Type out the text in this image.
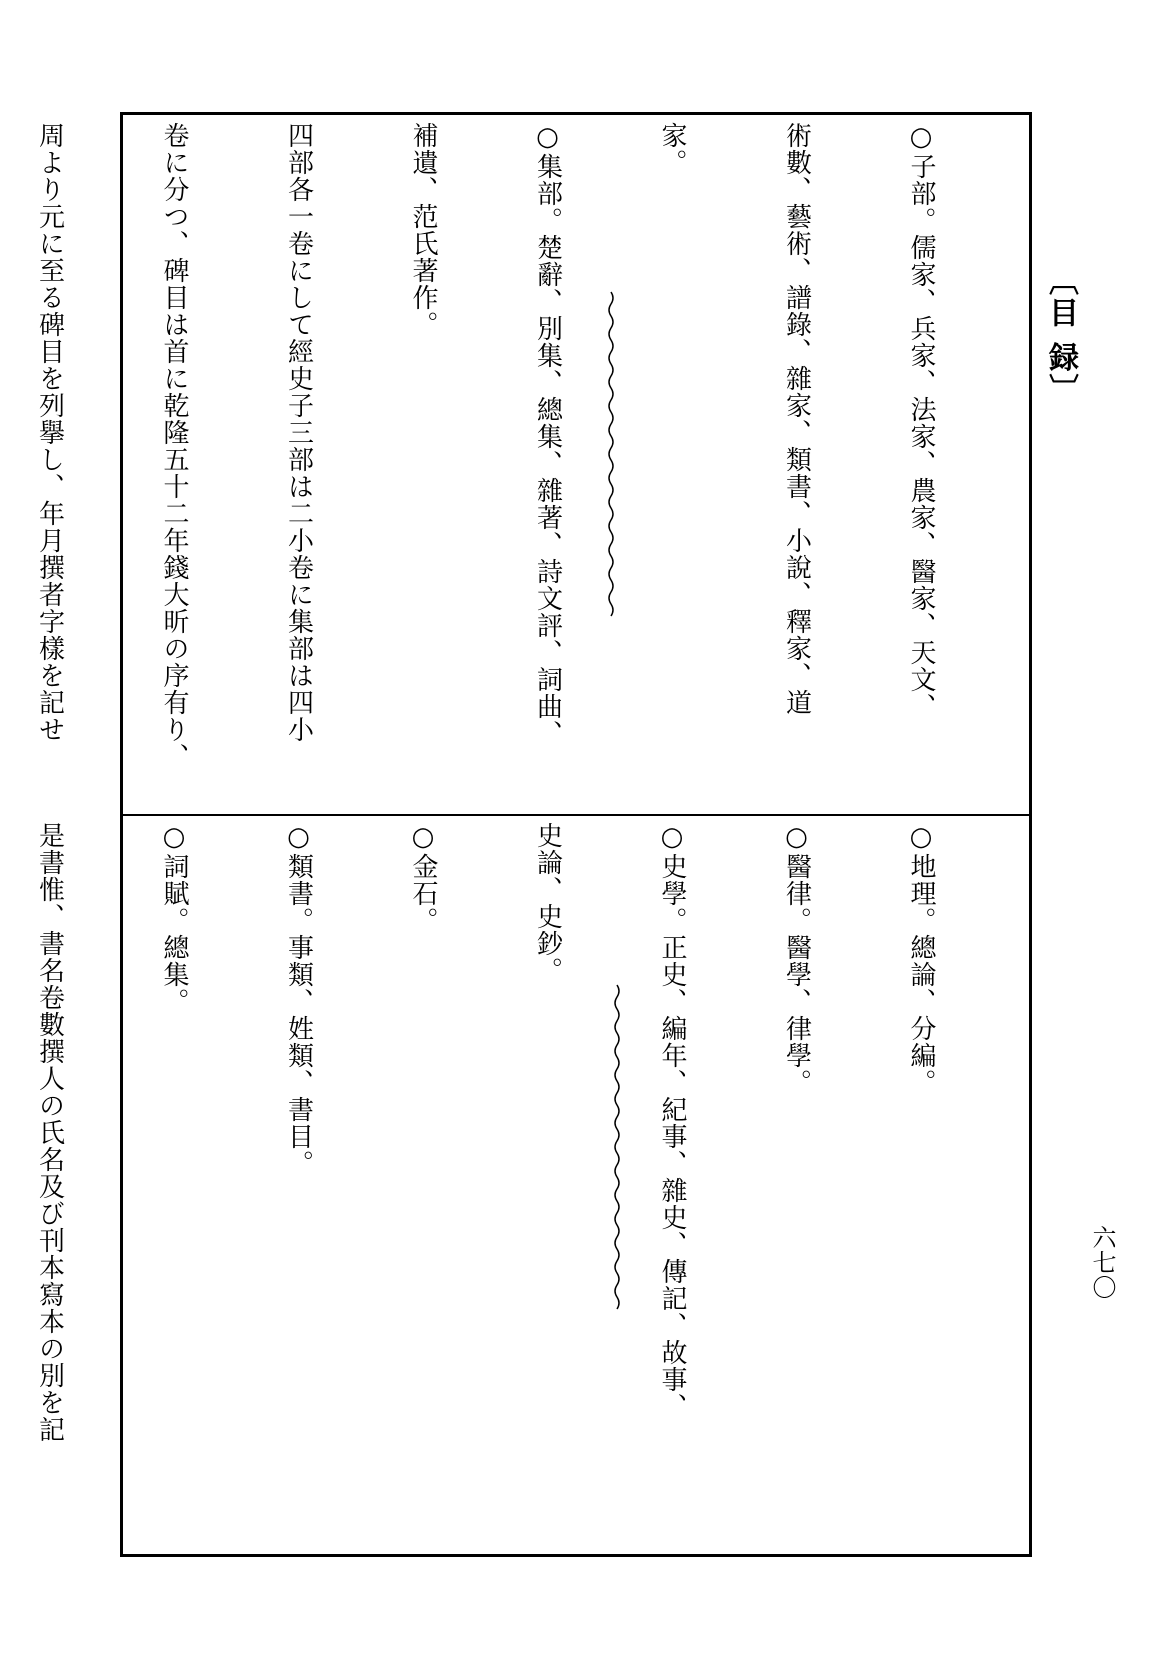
〔目 録〕
六七〇

○子部。儒家、兵家、法家、農家、醫家、天文、

術數、藝術、譜錄、雜家、類書、小說、釋家、道

家。

○集部。楚辭、別集、總集、雜著、詩文評、詞曲、

補遺、范氏著作。

四部各一卷にして經史子三部は二小卷に集部は四小

卷に分つ、碑目は首に乾隆五十二年錢大昕の序有り、

周より元に至る碑目を列擧し、年月撰者字樣を記せ

○地理。總論、分編。

○醫律。醫學、律學。

○史學。正史、編年、紀事、雜史、傳記、故事、

史論、史鈔。

○金石。

○類書。事類、姓類、書目。

○詞賦。總集。

是書惟、書名卷數撰人の氏名及び刊本寫本の別を記
